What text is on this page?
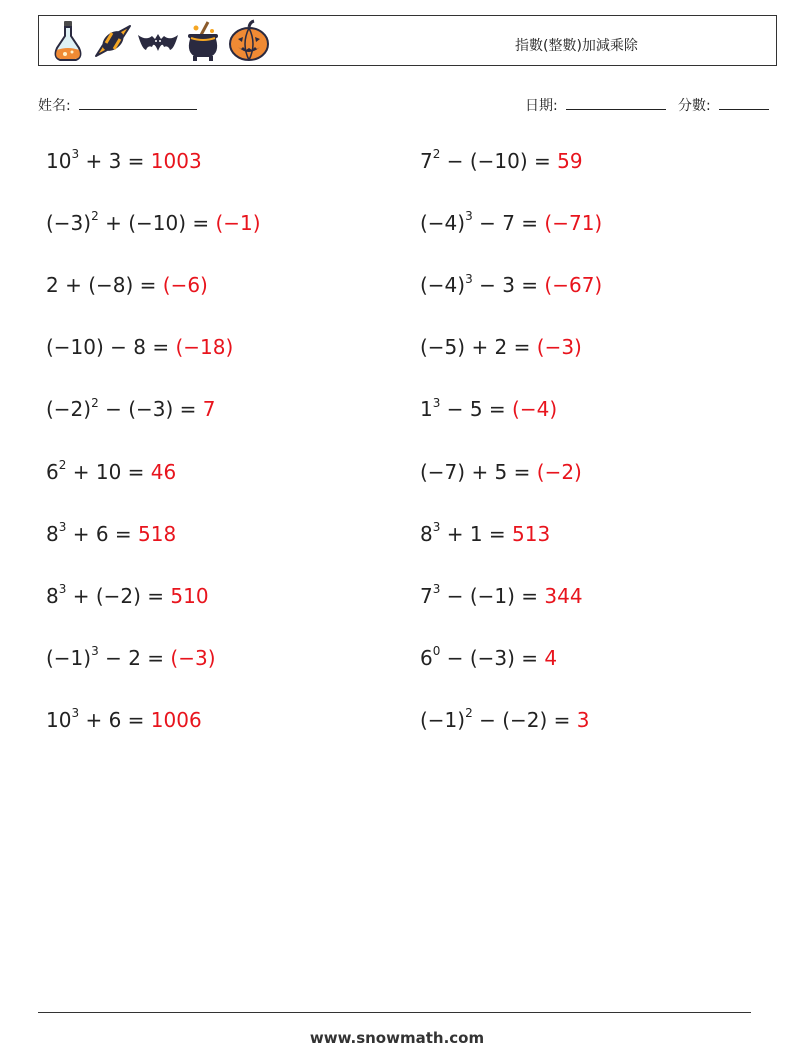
指數(整數)加減乘除
姓名:	日期:	分數:
$10^3 + 3 = 1003$	$7^2 - (-10) = 59$
$(-3)^2 + (-10) = (-1)$	$(-4)^3 - 7 = (-71)$
2 + (−8) = (−6)	$(-4)^3 - 3 = (-67)$
(−10) − 8 = (−18)	(−5) + 2 = (−3)
$(-2)^2 - (-3) = 7$	$1^3 - 5 = (-4)$
$6^2 + 10 = 46$	(−7) + 5 = (−2)
$8^3 + 6 = 518$	$8^3 + 1 = 513$
$8^3 + (-2) = 510$	$7^3 - (-1) = 344$
$(-1)^3 - 2 = (-3)$	$6^0 - (-3) = 4$
$10^3 + 6 = 1006$	$(-1)^2 - (-2) = 3$
www.snowmath.com
